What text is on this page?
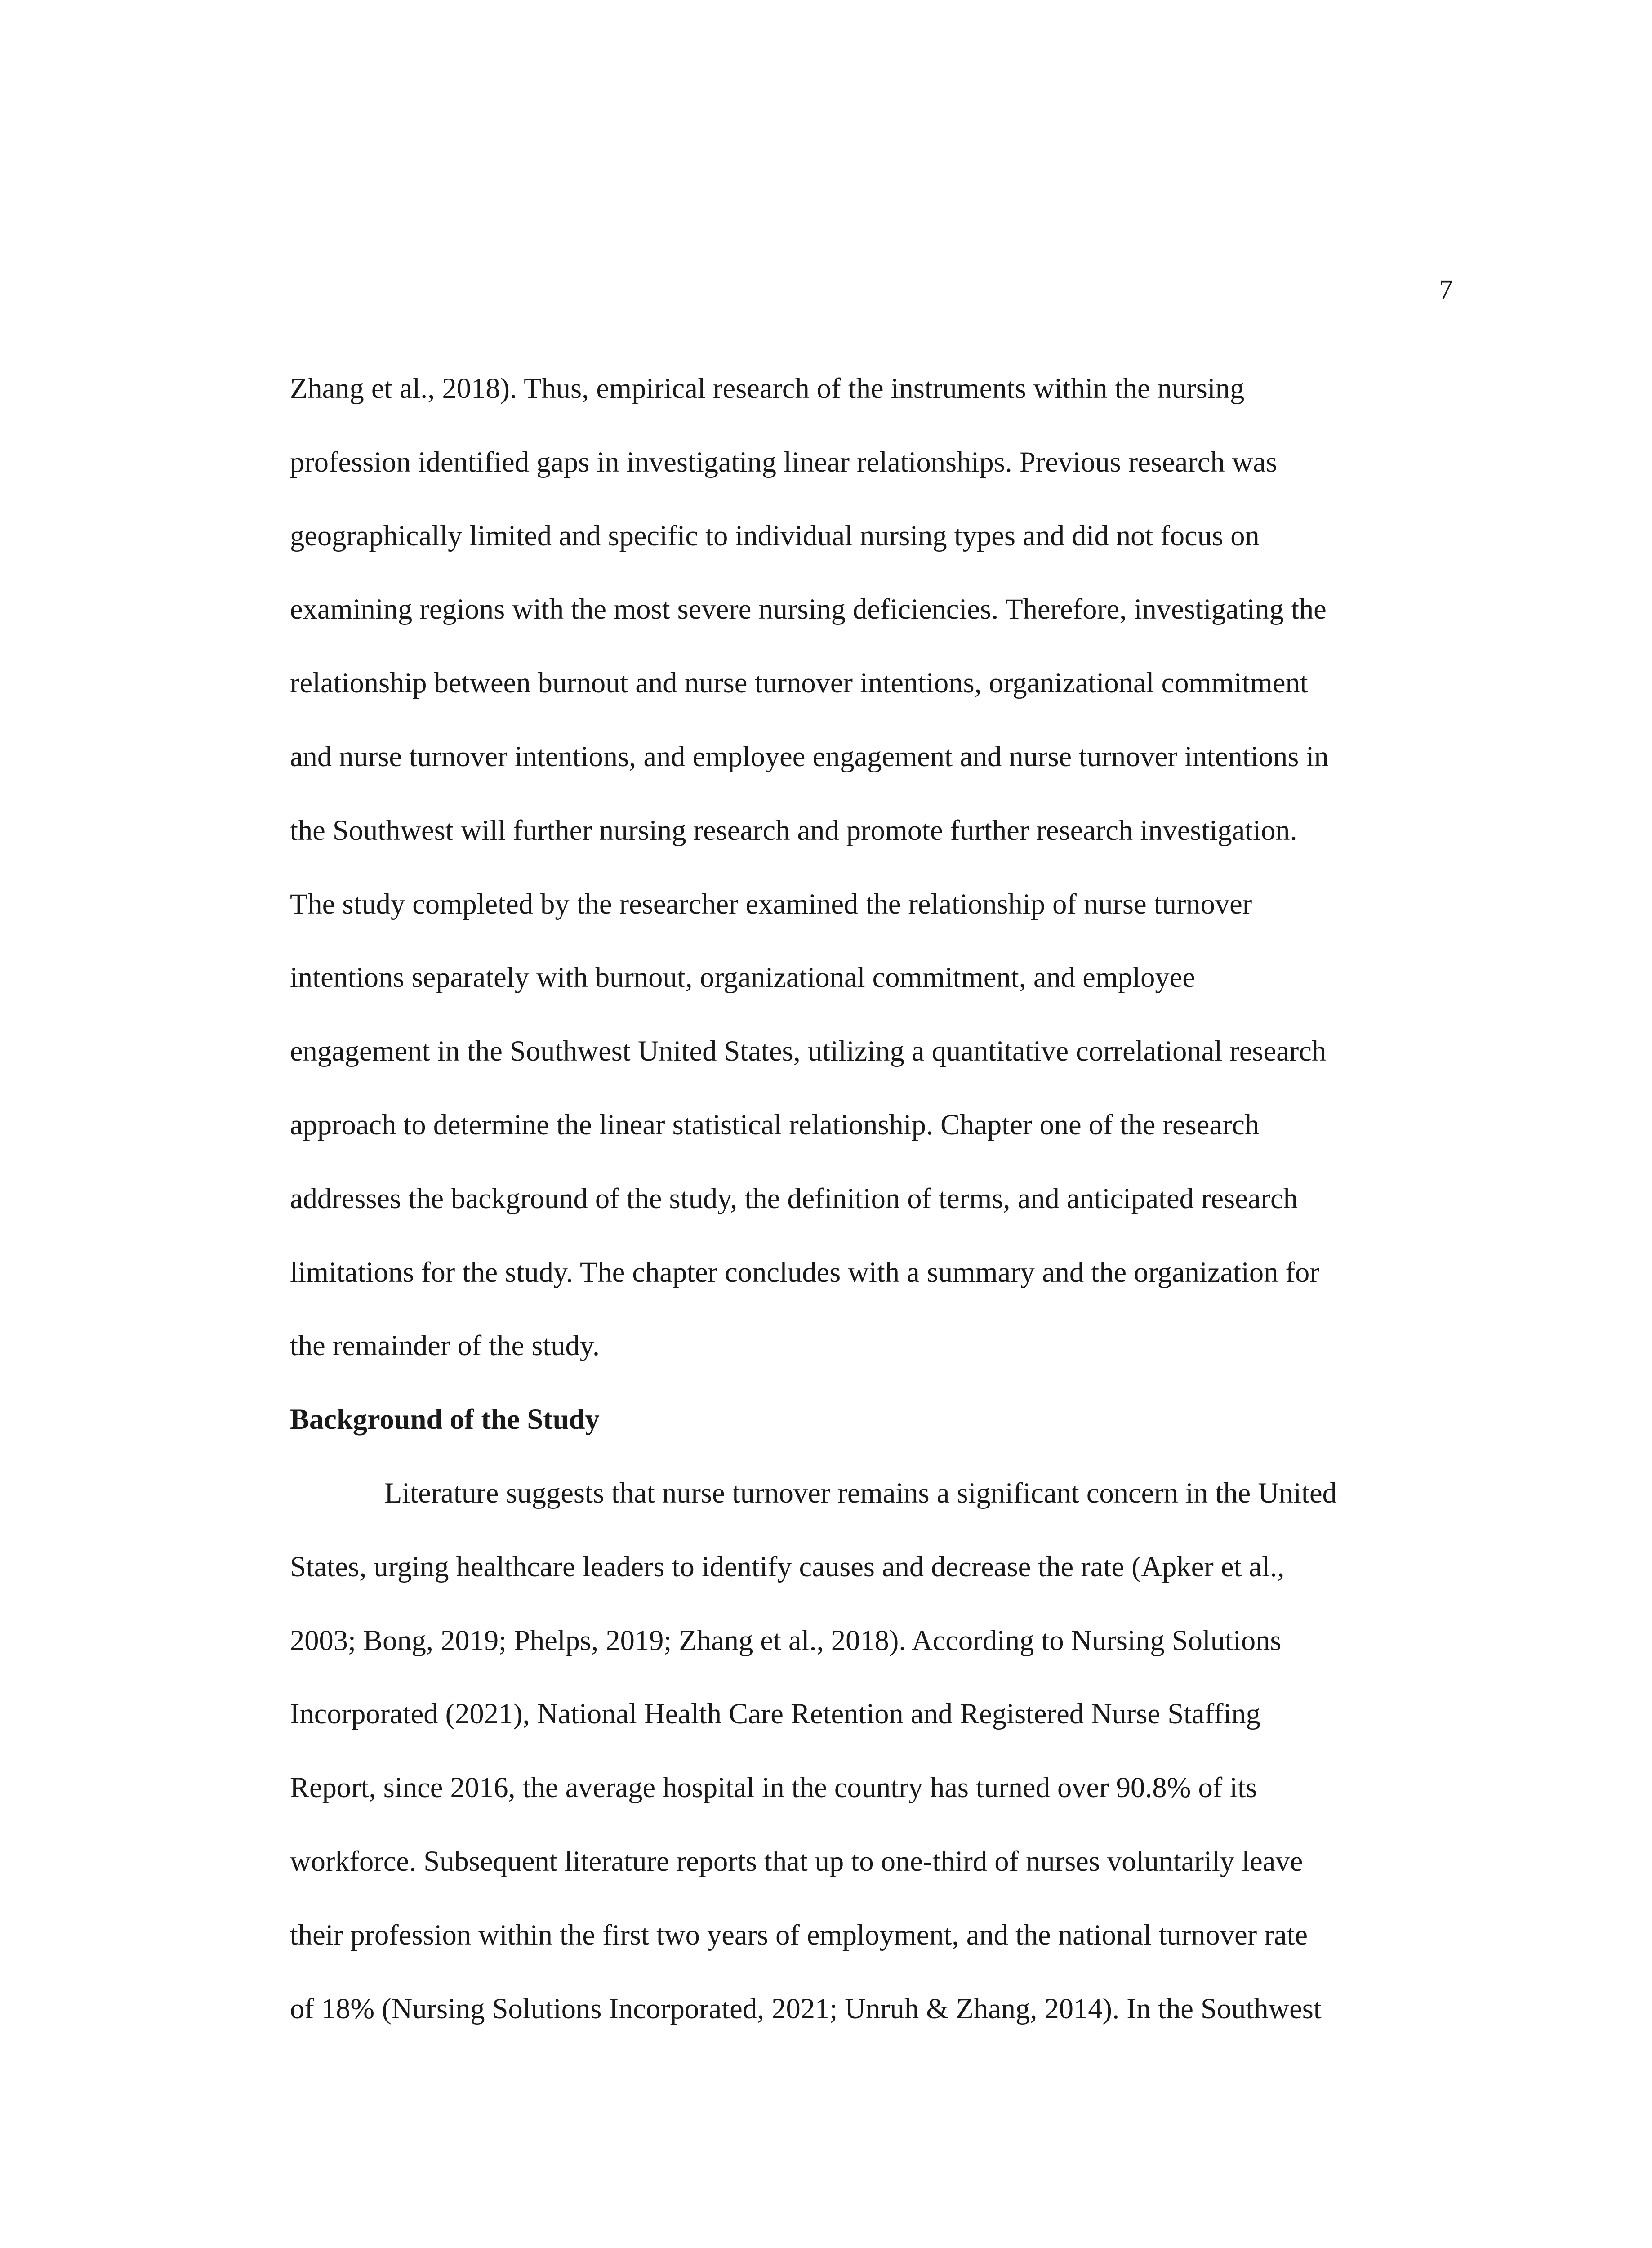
7
Zhang et al., 2018). Thus, empirical research of the instruments within the nursing
profession identified gaps in investigating linear relationships. Previous research was
geographically limited and specific to individual nursing types and did not focus on
examining regions with the most severe nursing deficiencies. Therefore, investigating the
relationship between burnout and nurse turnover intentions, organizational commitment
and nurse turnover intentions, and employee engagement and nurse turnover intentions in
the Southwest will further nursing research and promote further research investigation.
The study completed by the researcher examined the relationship of nurse turnover
intentions separately with burnout, organizational commitment, and employee
engagement in the Southwest United States, utilizing a quantitative correlational research
approach to determine the linear statistical relationship. Chapter one of the research
addresses the background of the study, the definition of terms, and anticipated research
limitations for the study. The chapter concludes with a summary and the organization for
the remainder of the study.
Background of the Study
Literature suggests that nurse turnover remains a significant concern in the United
States, urging healthcare leaders to identify causes and decrease the rate (Apker et al.,
2003; Bong, 2019; Phelps, 2019; Zhang et al., 2018). According to Nursing Solutions
Incorporated (2021), National Health Care Retention and Registered Nurse Staffing
Report, since 2016, the average hospital in the country has turned over 90.8% of its
workforce. Subsequent literature reports that up to one-third of nurses voluntarily leave
their profession within the first two years of employment, and the national turnover rate
of 18% (Nursing Solutions Incorporated, 2021; Unruh & Zhang, 2014). In the Southwest
